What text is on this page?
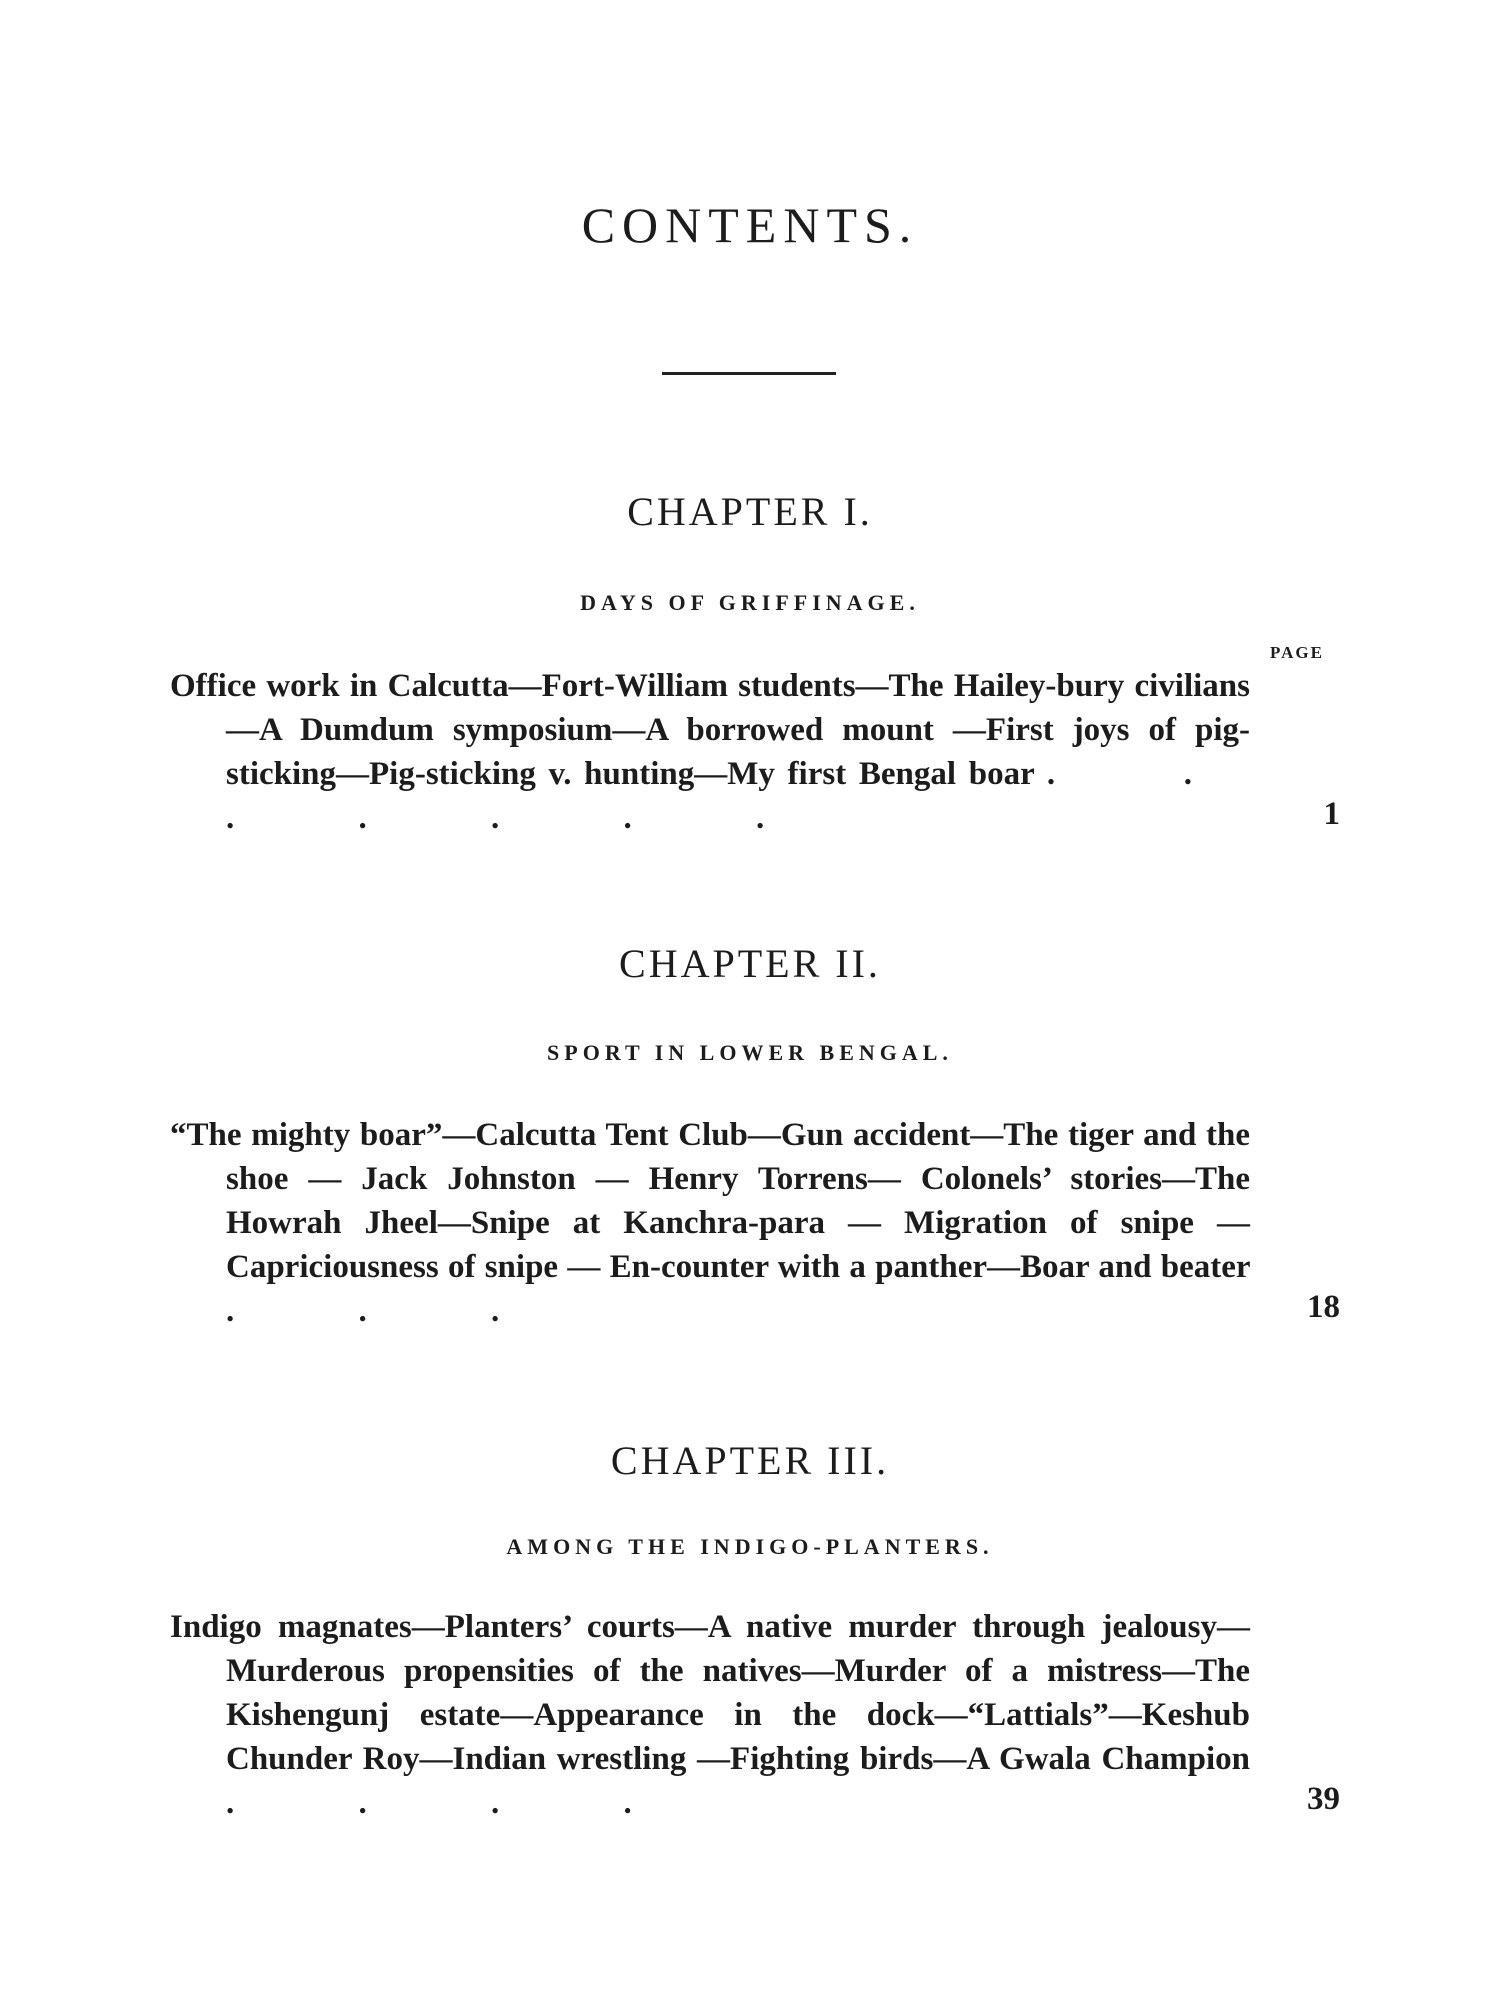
CONTENTS.
CHAPTER I.
DAYS OF GRIFFINAGE.
PAGE
Office work in Calcutta—Fort-William students—The Hailey-bury civilians—A Dumdum symposium—A borrowed mount —First joys of pig-sticking—Pig-sticking v. hunting—My first Bengal boar . . . . . . .	1
CHAPTER II.
SPORT IN LOWER BENGAL.
“The mighty boar”—Calcutta Tent Club—Gun accident—The tiger and the shoe — Jack Johnston — Henry Torrens— Colonels’ stories—The Howrah Jheel—Snipe at Kanchra-para — Migration of snipe — Capriciousness of snipe — En-counter with a panther—Boar and beater . . .	18
CHAPTER III.
AMONG THE INDIGO-PLANTERS.
Indigo magnates—Planters’ courts—A native murder through jealousy—Murderous propensities of the natives—Murder of a mistress—The Kishengunj estate—Appearance in the dock—“Lattials”—Keshub Chunder Roy—Indian wrestling —Fighting birds—A Gwala Champion . . . .	39
